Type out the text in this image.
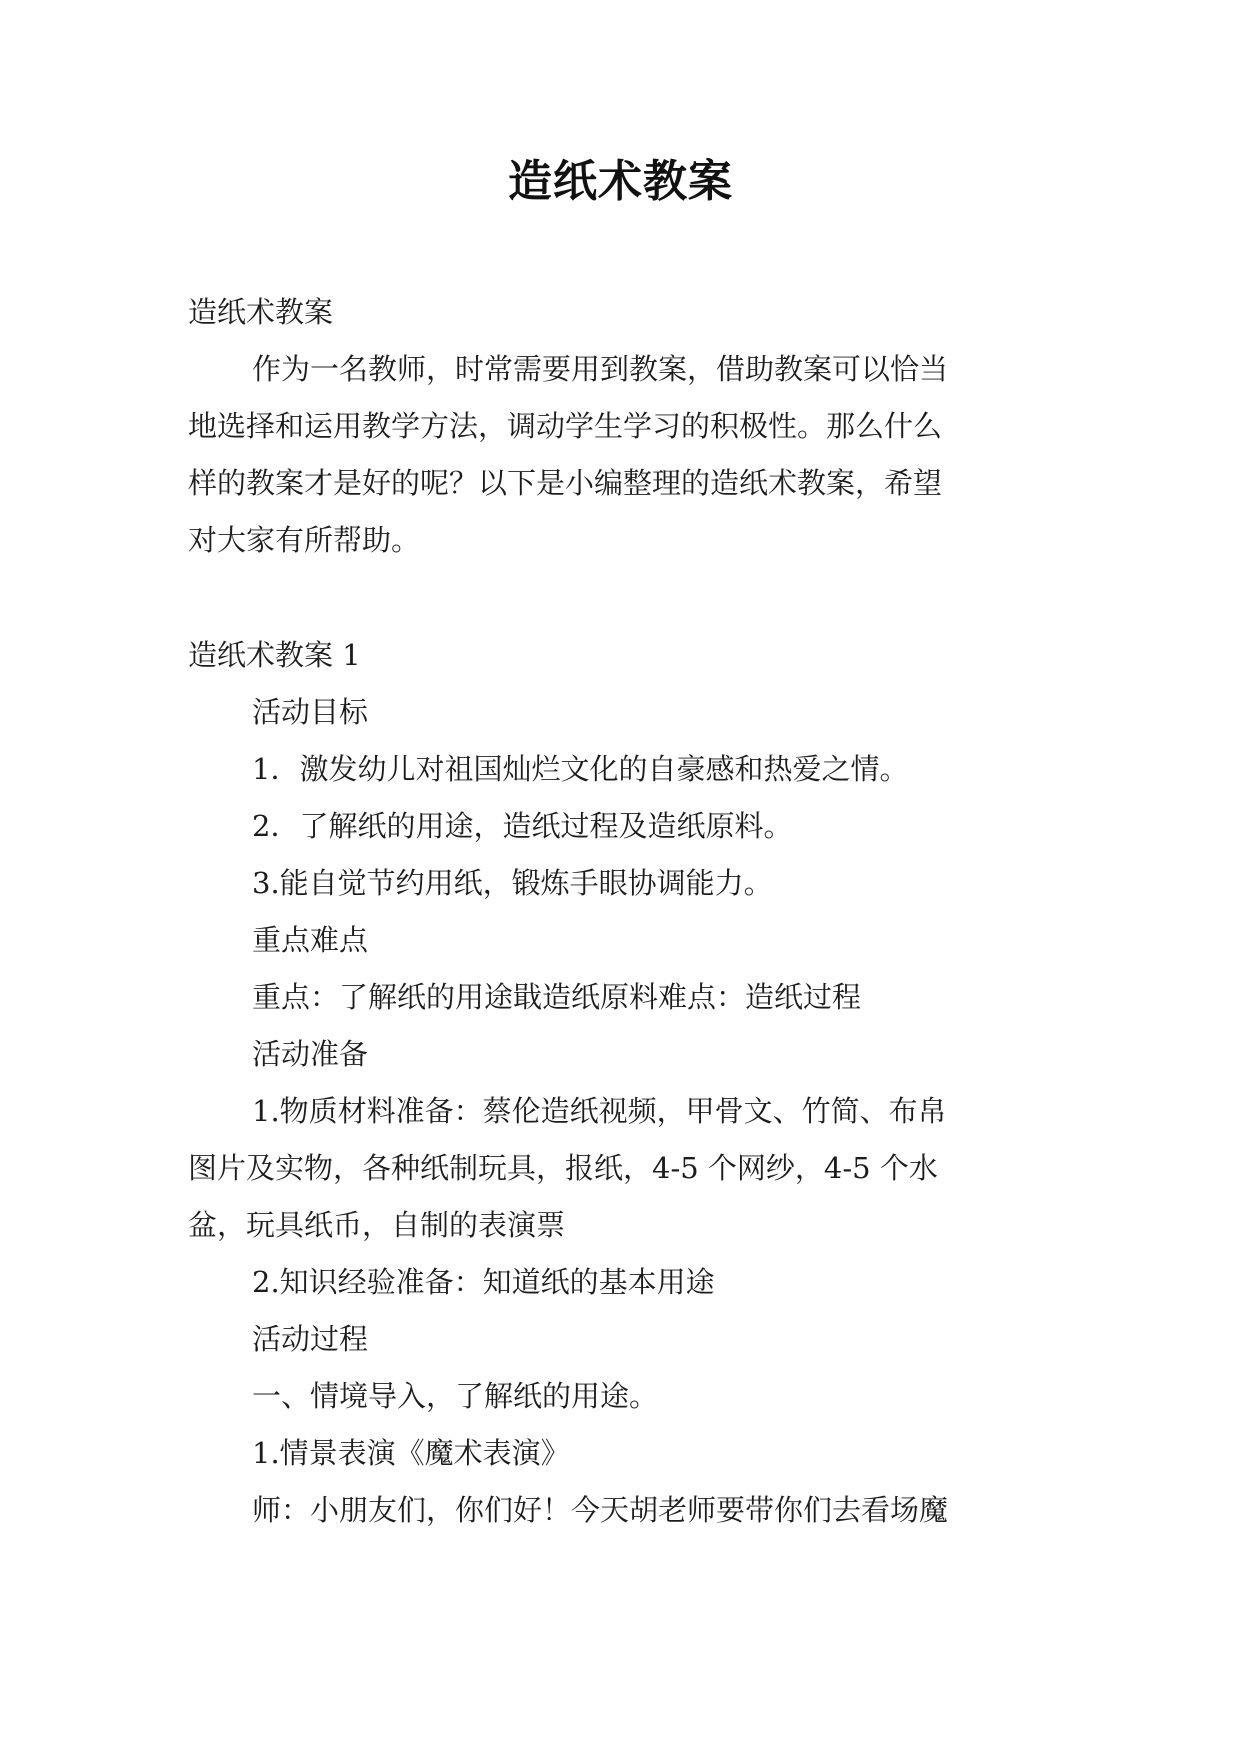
造纸术教案
造纸术教案
作为一名教师，时常需要用到教案，借助教案可以恰当
地选择和运用教学方法，调动学生学习的积极性。那么什么
样的教案才是好的呢？以下是小编整理的造纸术教案，希望
对大家有所帮助。
造纸术教案 1
活动目标
1．激发幼儿对祖国灿烂文化的自豪感和热爱之情。
2．了解纸的用途，造纸过程及造纸原料。
3.能自觉节约用纸，锻炼手眼协调能力。
重点难点
重点：了解纸的用途戢造纸原料难点：造纸过程
活动准备
1.物质材料准备：蔡伦造纸视频，甲骨文、竹简、布帛
图片及实物，各种纸制玩具，报纸，4-5 个网纱，4-5 个水
盆，玩具纸币，自制的表演票
2.知识经验准备：知道纸的基本用途
活动过程
一、情境导入，了解纸的用途。
1.情景表演《魔术表演》
师：小朋友们，你们好！今天胡老师要带你们去看场魔
